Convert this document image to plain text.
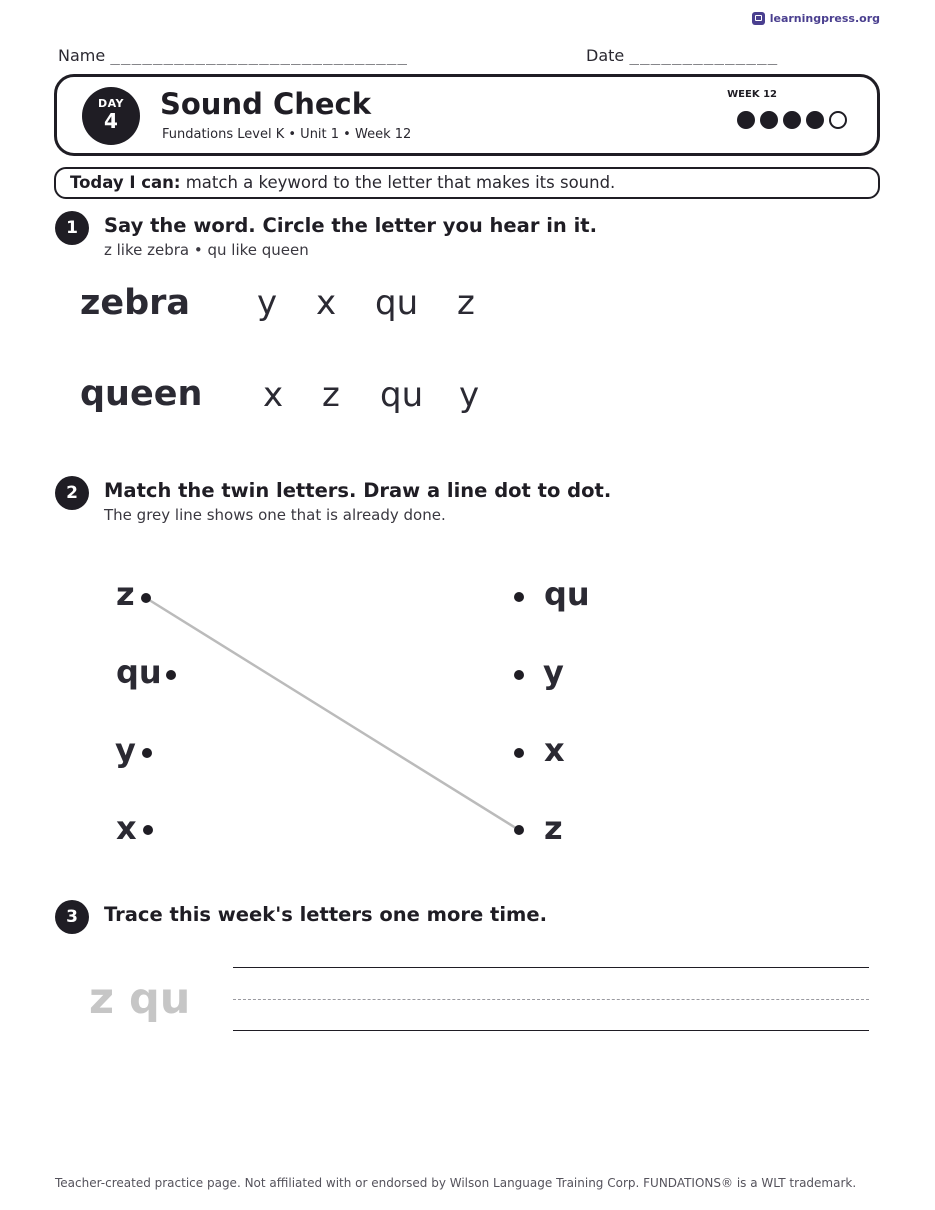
learningpress.org
Name ____________________________	Date ______________
DAY
4	Sound Check
Fundations Level K • Unit 1 • Week 12
WEEK 12
Today I can: match a keyword to the letter that makes its sound.
1	Say the word. Circle the letter you hear in it.
z like zebra • qu like queen
zebra y x qu z
queen x z qu y
2	Match the twin letters. Draw a line dot to dot.
The grey line shows one that is already done.
z
qu
y
x
qu
y
x
z
3	Trace this week's letters one more time.
z qu
Teacher-created practice page. Not affiliated with or endorsed by Wilson Language Training Corp. FUNDATIONS® is a WLT trademark.
